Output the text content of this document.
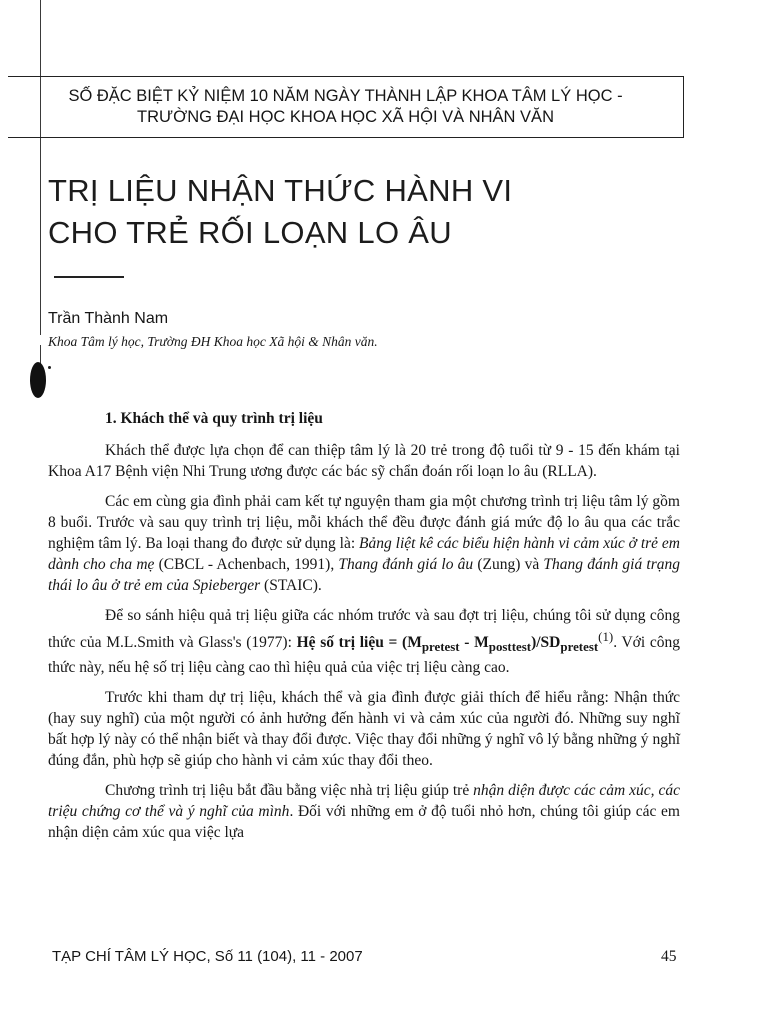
SỐ ĐẶC BIỆT KỶ NIỆM 10 NĂM NGÀY THÀNH LẬP KHOA TÂM LÝ HỌC -
TRƯỜNG ĐẠI HỌC KHOA HỌC XÃ HỘI VÀ NHÂN VĂN
TRỊ LIỆU NHẬN THỨC HÀNH VI
CHO TRẺ RỐI LOẠN LO ÂU
Trần Thành Nam
Khoa Tâm lý học, Trường ĐH Khoa học Xã hội & Nhân văn.
1. Khách thể và quy trình trị liệu

Khách thể được lựa chọn để can thiệp tâm lý là 20 trẻ trong độ tuổi từ 9 - 15 đến khám tại Khoa A17 Bệnh viện Nhi Trung ương được các bác sỹ chẩn đoán rối loạn lo âu (RLLA).

Các em cùng gia đình phải cam kết tự nguyện tham gia một chương trình trị liệu tâm lý gồm 8 buổi. Trước và sau quy trình trị liệu, mỗi khách thể đều được đánh giá mức độ lo âu qua các trắc nghiệm tâm lý. Ba loại thang đo được sử dụng là: Bảng liệt kê các biểu hiện hành vi cảm xúc ở trẻ em dành cho cha mẹ (CBCL - Achenbach, 1991), Thang đánh giá lo âu (Zung) và Thang đánh giá trạng thái lo âu ở trẻ em của Spieberger (STAIC).

Để so sánh hiệu quả trị liệu giữa các nhóm trước và sau đợt trị liệu, chúng tôi sử dụng công thức của M.L.Smith và Glass's (1977): Hệ số trị liệu = $(M_{pretest} - M_{posttest})/SD_{pretest}^{(1)}$. Với công thức này, nếu hệ số trị liệu càng cao thì hiệu quả của việc trị liệu càng cao.

Trước khi tham dự trị liệu, khách thể và gia đình được giải thích để hiểu rằng: Nhận thức (hay suy nghĩ) của một người có ảnh hưởng đến hành vi và cảm xúc của người đó. Những suy nghĩ bất hợp lý này có thể nhận biết và thay đổi được. Việc thay đổi những ý nghĩ vô lý bằng những ý nghĩ đúng đắn, phù hợp sẽ giúp cho hành vi cảm xúc thay đổi theo.

Chương trình trị liệu bắt đầu bằng việc nhà trị liệu giúp trẻ nhận diện được các cảm xúc, các triệu chứng cơ thể và ý nghĩ của mình. Đối với những em ở độ tuổi nhỏ hơn, chúng tôi giúp các em nhận diện cảm xúc qua việc lựa

TẠP CHÍ TÂM LÝ HỌC, Số 11 (104), 11 - 2007	45
